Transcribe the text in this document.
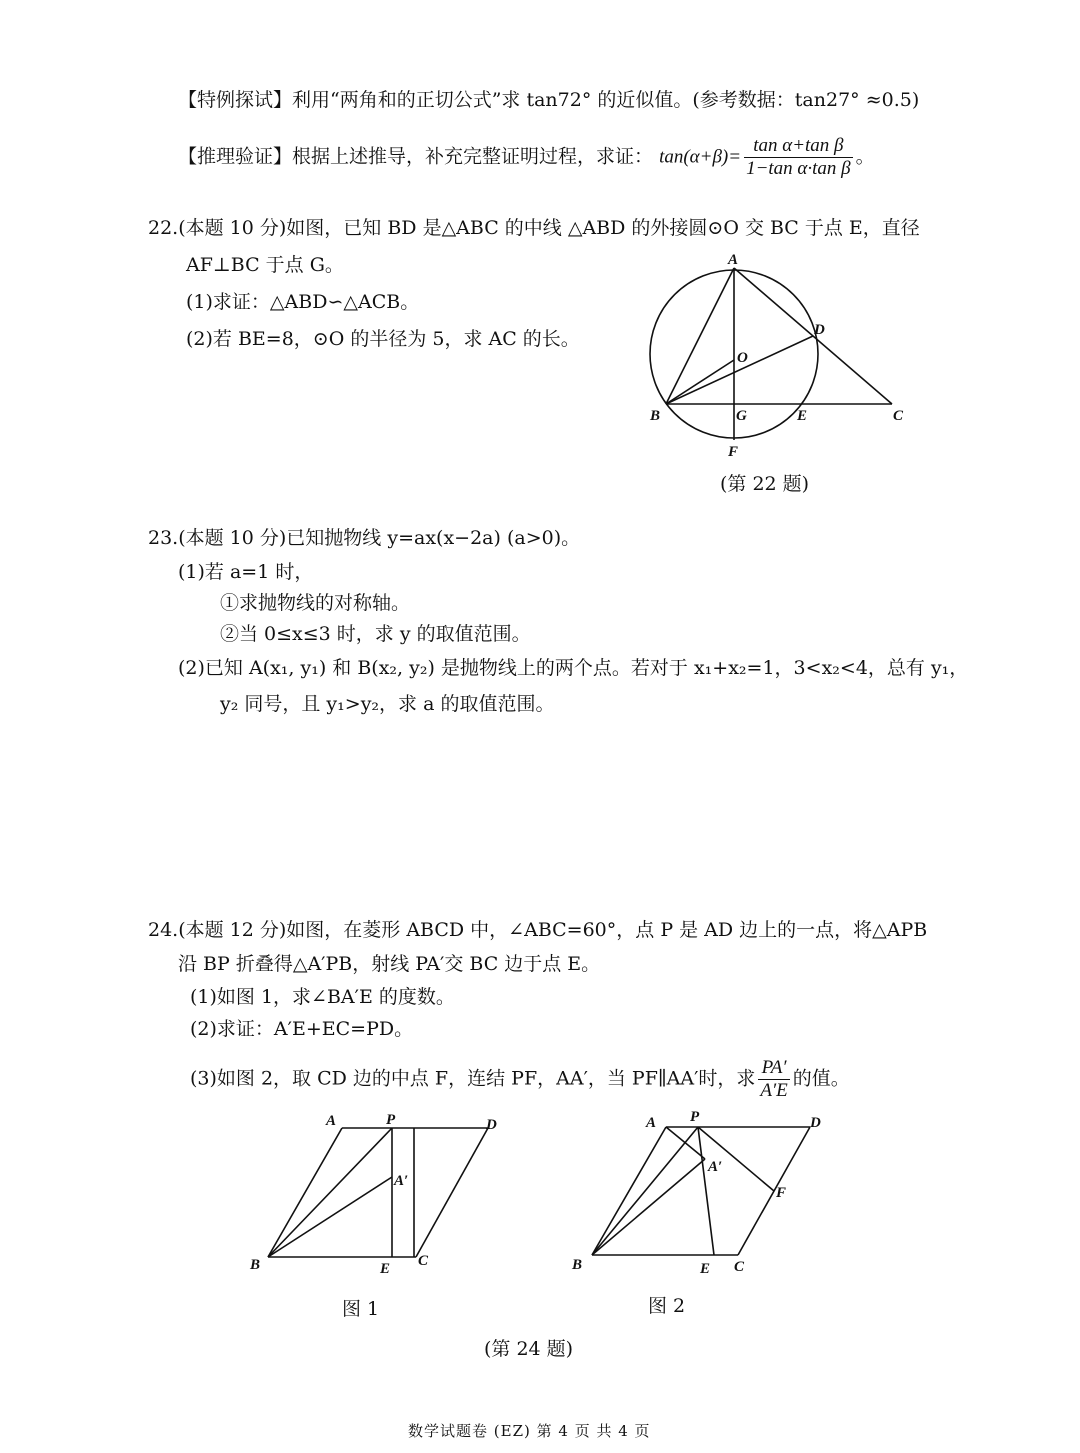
【特例探试】利用“两角和的正切公式”求 tan72° 的近似值。(参考数据：tan27° ≈0.5)
【推理验证】根据上述推导，补充完整证明过程，求证： $\tan(\alpha+\beta)= \frac{\text{tan α+tan β}}{\text{1−tan α·tan β}}$ 。
22.(本题 10 分)如图，已知 BD 是△ABC 的中线 △ABD 的外接圆⊙O 交 BC 于点 E，直径
AF⊥BC 于点 G。
(1)求证：△ABD∽△ACB。
(2)若 BE=8，⊙O 的半径为 5，求 AC 的长。
A
B	C
D
E
F
G
O
(第 22 题)
23.(本题 10 分)已知抛物线 y=ax(x−2a) (a>0)。
(1)若 a=1 时，
①求抛物线的对称轴。
②当 0≤x≤3 时，求 y 的取值范围。
(2)已知 A(x₁, y₁) 和 B(x₂, y₂) 是抛物线上的两个点。若对于 x₁+x₂=1，3<x₂<4，总有 y₁，
y₂ 同号，且 y₁>y₂，求 a 的取值范围。
24.(本题 12 分)如图，在菱形 ABCD 中，∠ABC=60°，点 P 是 AD 边上的一点，将△APB
沿 BP 折叠得△A′PB，射线 PA′交 BC 边于点 E。
(1)如图 1，求∠BA′E 的度数。
(2)求证：A′E+EC=PD。
(3)如图 2，取 CD 边的中点 F，连结 PF，AA′，当 PF∥AA′时，求 $\frac{PA'}{A'E}$ 的值。
A	P	D
A′
B	E C
图 1
A P	D
A′
F
B	E C
图 2
(第 24 题)
数学试题卷 (EZ) 第 4 页 共 4 页
